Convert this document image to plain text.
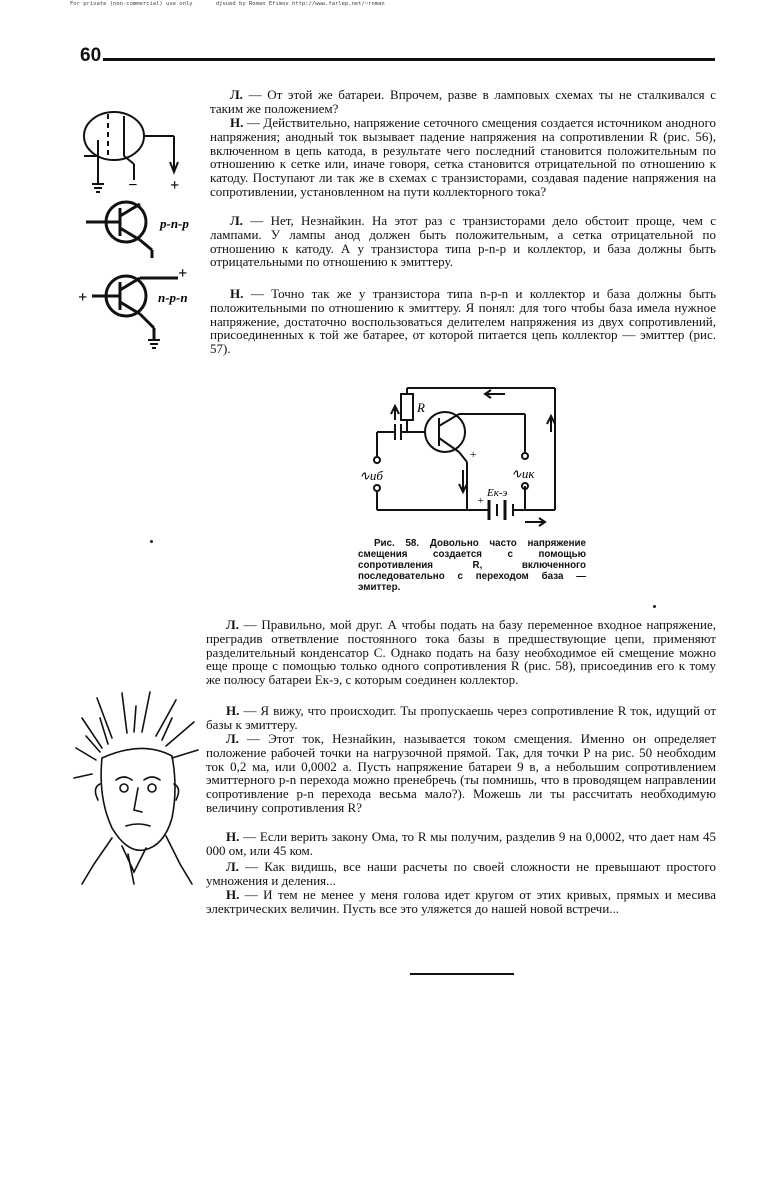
For private (non-commercial) use only	djvued by Roman Efimov http://www.farlep.net/~roman
60
− +
p-n-p
+
+
n-p-n

Л. — От этой же батареи. Впрочем, разве в ламповых схемах ты не сталкивался с таким же положением?

Н. — Действительно, напряжение сеточного смещения создается источником анодного напряжения; анодный ток вызывает падение напряжения на сопротивлении R (рис. 56), включенном в цепь катода, в результате чего последний становится положительным по отношению к сетке или, иначе говоря, сетка становится отрицательной по отношению к катоду. Поступают ли так же в схемах с транзисторами, создавая падение напряжения на сопротивлении, установленном на пути коллекторного тока?

Л. — Нет, Незнайкин. На этот раз с транзисторами дело обстоит проще, чем с лампами. У лампы анод должен быть положительным, а сетка отрицательной по отношению к катоду. А у транзистора типа p-n-p и коллектор, и база должны быть отрицательными по отношению к эмиттеру.

Н. — Точно так же у транзистора типа n-p-n и коллектор и база должны быть положительными по отношению к эмиттеру. Я понял: для того чтобы база имела нужное напряжение, достаточно воспользоваться делителем напряжения из двух сопротивлений, присоединенных к той же батарее, от которой питается цепь коллектор — эмиттер (рис. 57).

R
∿uб	∿uк
Eк-э
+
+

Рис. 58. Довольно часто напряжение смещения создается с помощью сопротивления R, включенного последовательно с переходом база — эмиттер.

Л. — Правильно, мой друг. А чтобы подать на базу переменное входное напряжение, преградив ответвление постоянного тока базы в предшествующие цепи, применяют разделительный конденсатор C. Однако подать на базу необходимое ей смещение можно еще проще с помощью только одного сопротивления R (рис. 58), присоединив его к тому же полюсу батареи Eк-э, с которым соединен коллектор.

Н. — Я вижу, что происходит. Ты пропускаешь через сопротивление R ток, идущий от базы к эмиттеру.

Л. — Этот ток, Незнайкин, называется током смещения. Именно он определяет положение рабочей точки на нагрузочной прямой. Так, для точки P на рис. 50 необходим ток 0,2 ма, или 0,0002 а. Пусть напряжение батареи 9 в, а небольшим сопротивлением эмиттерного p-n перехода можно пренебречь (ты помнишь, что в проводящем направлении сопротивление p-n перехода весьма мало?). Можешь ли ты рассчитать необходимую величину сопротивления R?

Н. — Если верить закону Ома, то R мы получим, разделив 9 на 0,0002, что дает нам 45 000 ом, или 45 ком.

Л. — Как видишь, все наши расчеты по своей сложности не превышают простого умножения и деления...

Н. — И тем не менее у меня голова идет кругом от этих кривых, прямых и месива электрических величин. Пусть все это уляжется до нашей новой встречи...
